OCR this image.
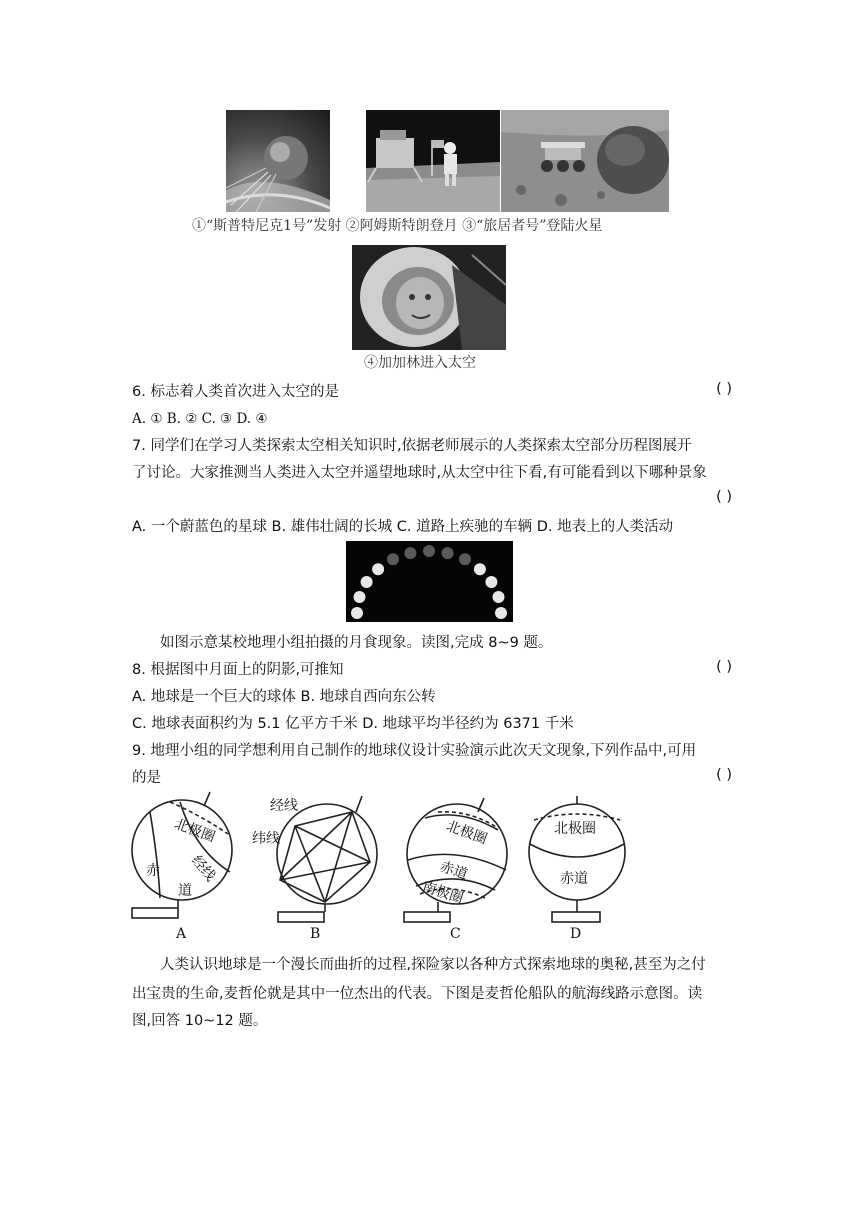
①“斯普特尼克1号”发射 ②阿姆斯特朗登月 ③“旅居者号”登陆火星
④加加林进入太空
6. 标志着人类首次进入太空的是	( )
A. ① B. ② C. ③ D. ④
7. 同学们在学习人类探索太空相关知识时,依据老师展示的人类探索太空部分历程图展开
了讨论。大家推测当人类进入太空并遥望地球时,从太空中往下看,有可能看到以下哪种景象
( )
A. 一个蔚蓝色的星球 B. 雄伟壮阔的长城 C. 道路上疾驰的车辆 D. 地表上的人类活动
如图示意某校地理小组拍摄的月食现象。读图,完成 8~9 题。
8. 根据图中月面上的阴影,可推知	( )
A. 地球是一个巨大的球体 B. 地球自西向东公转
C. 地球表面积约为 5.1 亿平方千米 D. 地球平均半径约为 6371 千米
9. 地理小组的同学想利用自己制作的地球仪设计实验演示此次天文现象,下列作品中,可用
的是	( )
北极圈
赤
道
经线
A
经线
纬线
B
北极圈
赤道
南极圈
C
北极圈
赤道
D
人类认识地球是一个漫长而曲折的过程,探险家以各种方式探索地球的奥秘,甚至为之付
出宝贵的生命,麦哲伦就是其中一位杰出的代表。下图是麦哲伦船队的航海线路示意图。读
图,回答 10~12 题。
